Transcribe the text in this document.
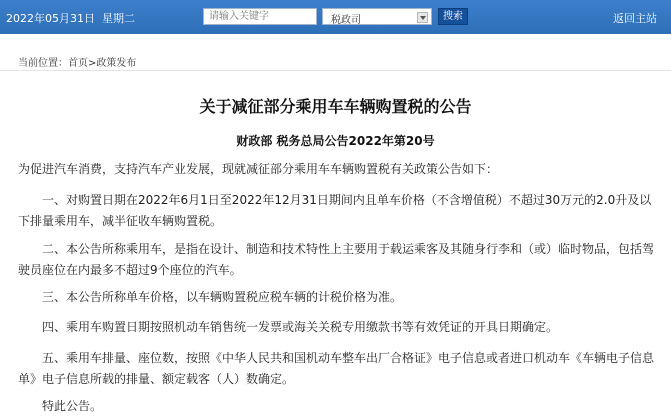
2022年05月31日 星期二
请输入关键字	税政司	搜索	返回主站
当前位置：首页>政策发布
关于减征部分乘用车车辆购置税的公告
财政部 税务总局公告2022年第20号
为促进汽车消费，支持汽车产业发展，现就减征部分乘用车车辆购置税有关政策公告如下：
一、对购置日期在2022年6月1日至2022年12月31日期间内且单车价格（不含增值税）不超过30万元的2.0升及以下排量乘用车，减半征收车辆购置税。
二、本公告所称乘用车，是指在设计、制造和技术特性上主要用于载运乘客及其随身行李和（或）临时物品，包括驾驶员座位在内最多不超过9个座位的汽车。
三、本公告所称单车价格，以车辆购置税应税车辆的计税价格为准。
四、乘用车购置日期按照机动车销售统一发票或海关关税专用缴款书等有效凭证的开具日期确定。
五、乘用车排量、座位数，按照《中华人民共和国机动车整车出厂合格证》电子信息或者进口机动车《车辆电子信息单》电子信息所载的排量、额定载客（人）数确定。
特此公告。
